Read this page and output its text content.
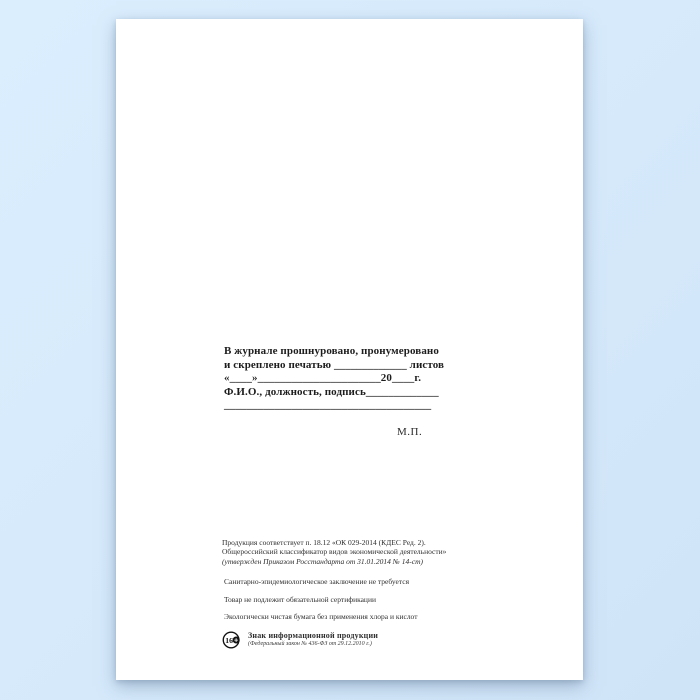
В журнале прошнуровано, пронумеровано
и скреплено печатью _____________ листов
«____»______________________20____г.
Ф.И.О., должность, подпись_____________
_____________________________________
М.П.
Продукция соответствует п. 18.12 «ОК 029-2014 (КДЕС Ред. 2).
Общероссийский классификатор видов экономической деятельности»
(утвержден Приказом Росстандарта от 31.01.2014 № 14-ст)
Санитарно-эпидемиологическое заключение не требуется
Товар не подлежит обязательной сертификации
Экологически чистая бумага без применения хлора и кислот
16 +
Знак информационной продукции
(Федеральный закон № 436-ФЗ от 29.12.2010 г.)
